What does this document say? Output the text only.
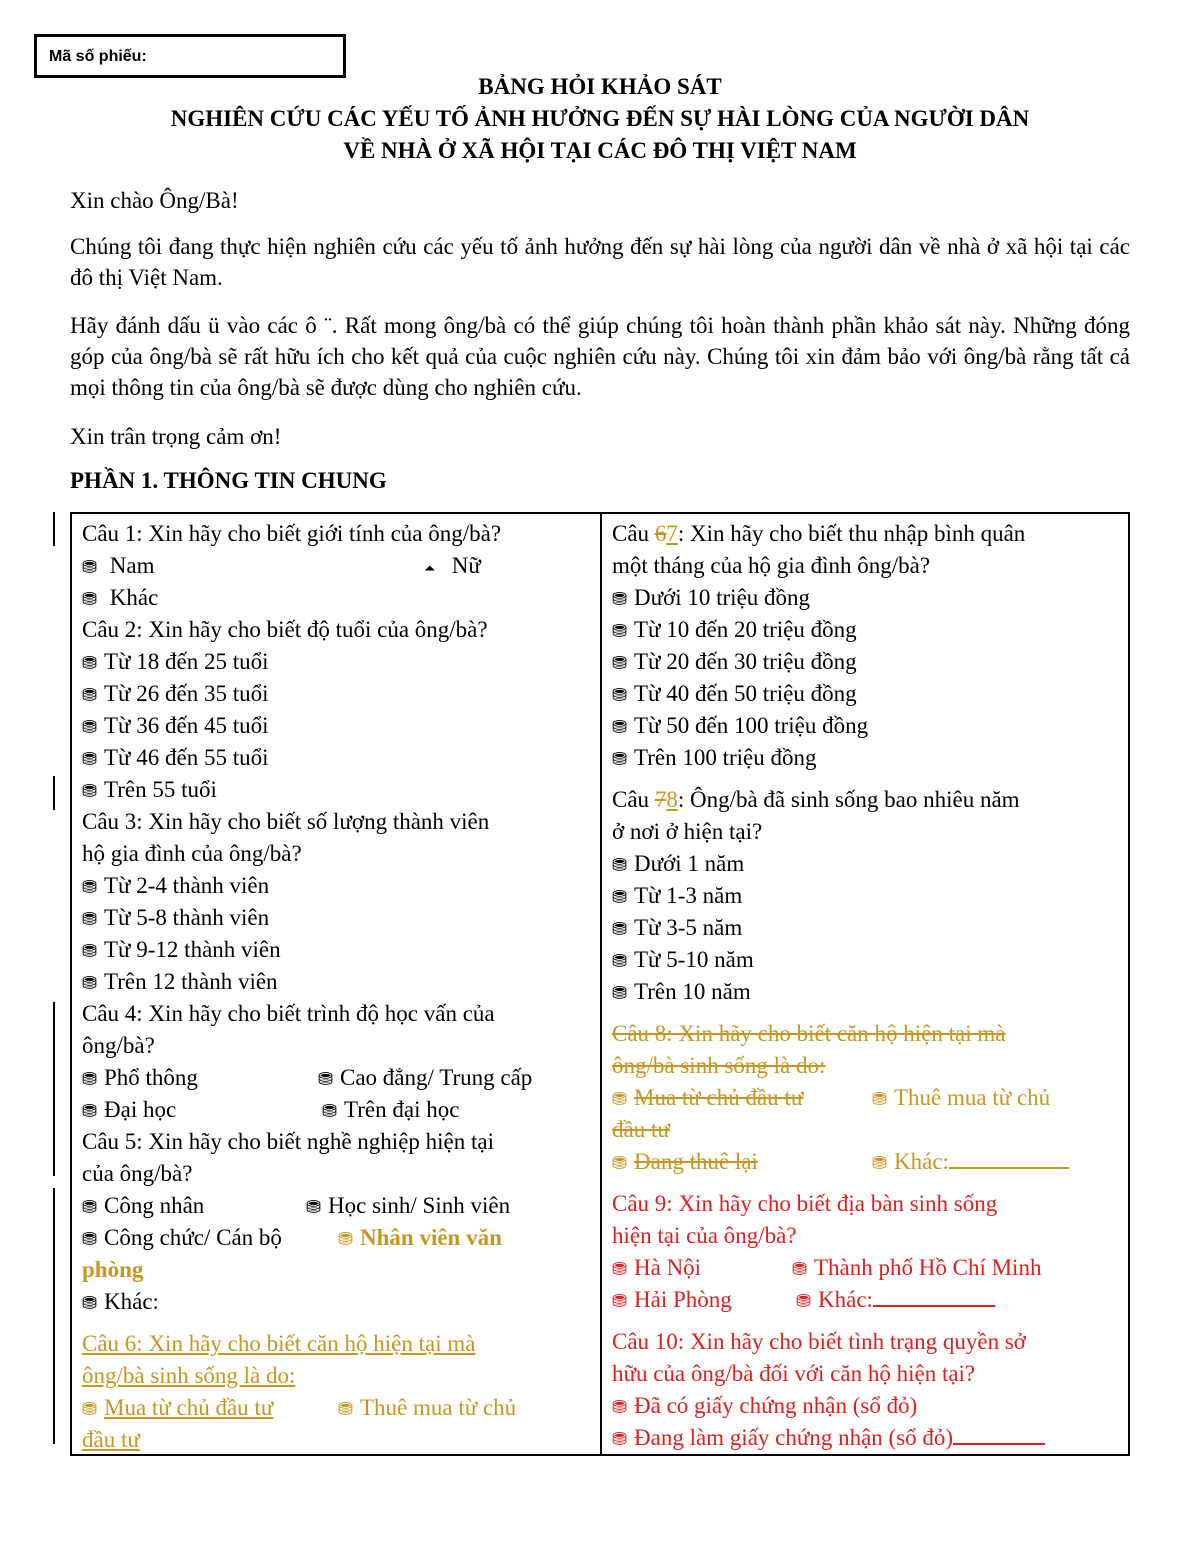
Mã số phiếu:
BẢNG HỎI KHẢO SÁT
NGHIÊN CỨU CÁC YẾU TỐ ẢNH HƯỞNG ĐẾN SỰ HÀI LÒNG CỦA NGƯỜI DÂN
VỀ NHÀ Ở XÃ HỘI TẠI CÁC ĐÔ THỊ VIỆT NAM
Xin chào Ông/Bà!
Chúng tôi đang thực hiện nghiên cứu các yếu tố ảnh hưởng đến sự hài lòng của người dân về nhà ở xã hội tại các đô thị Việt Nam.
Hãy đánh dấu ü vào các ô ¨. Rất mong ông/bà có thể giúp chúng tôi hoàn thành phần khảo sát này. Những đóng góp của ông/bà sẽ rất hữu ích cho kết quả của cuộc nghiên cứu này. Chúng tôi xin đảm bảo với ông/bà rằng tất cả mọi thông tin của ông/bà sẽ được dùng cho nghiên cứu.
Xin trân trọng cảm ơn!
PHẦN 1. THÔNG TIN CHUNG
Câu 1: Xin hãy cho biết giới tính của ông/bà?
⛃ Nam	⏶ Nữ
⛃ Khác
Câu 2: Xin hãy cho biết độ tuổi của ông/bà?
⛃ Từ 18 đến 25 tuổi
⛃ Từ 26 đến 35 tuổi
⛃ Từ 36 đến 45 tuổi
⛃ Từ 46 đến 55 tuổi
⛃ Trên 55 tuổi
Câu 3: Xin hãy cho biết số lượng thành viên
hộ gia đình của ông/bà?
⛃ Từ 2-4 thành viên
⛃ Từ 5-8 thành viên
⛃ Từ 9-12 thành viên
⛃ Trên 12 thành viên
Câu 4: Xin hãy cho biết trình độ học vấn của
ông/bà?
⛃ Phổ thông	⛃ Cao đẳng/ Trung cấp
⛃ Đại học	⛃ Trên đại học
Câu 5: Xin hãy cho biết nghề nghiệp hiện tại
của ông/bà?
⛃ Công nhân	⛃ Học sinh/ Sinh viên
⛃ Công chức/ Cán bộ	⛃ Nhân viên văn
phòng
⛃ Khác:
Câu 6: Xin hãy cho biết căn hộ hiện tại mà
ông/bà sinh sống là do:
⛃ Mua từ chủ đầu tư	⛃ Thuê mua từ chủ
đầu tư
Câu 67: Xin hãy cho biết thu nhập bình quân
một tháng của hộ gia đình ông/bà?
⛃ Dưới 10 triệu đồng
⛃ Từ 10 đến 20 triệu đồng
⛃ Từ 20 đến 30 triệu đồng
⛃ Từ 40 đến 50 triệu đồng
⛃ Từ 50 đến 100 triệu đồng
⛃ Trên 100 triệu đồng
Câu 78: Ông/bà đã sinh sống bao nhiêu năm
ở nơi ở hiện tại?
⛃ Dưới 1 năm
⛃ Từ 1-3 năm
⛃ Từ 3-5 năm
⛃ Từ 5-10 năm
⛃ Trên 10 năm
Câu 8: Xin hãy cho biết căn hộ hiện tại mà
ông/bà sinh sống là do:
⛃ Mua từ chủ đầu tư	⛃ Thuê mua từ chủ
đầu tư
⛃ Đang thuê lại	⛃ Khác:
Câu 9: Xin hãy cho biết địa bàn sinh sống
hiện tại của ông/bà?
⛃ Hà Nội	⛃ Thành phố Hồ Chí Minh
⛃ Hải Phòng	⛃ Khác:
Câu 10: Xin hãy cho biết tình trạng quyền sở
hữu của ông/bà đối với căn hộ hiện tại?
⛃ Đã có giấy chứng nhận (sổ đỏ)
⛃ Đang làm giấy chứng nhận (sổ đỏ)
